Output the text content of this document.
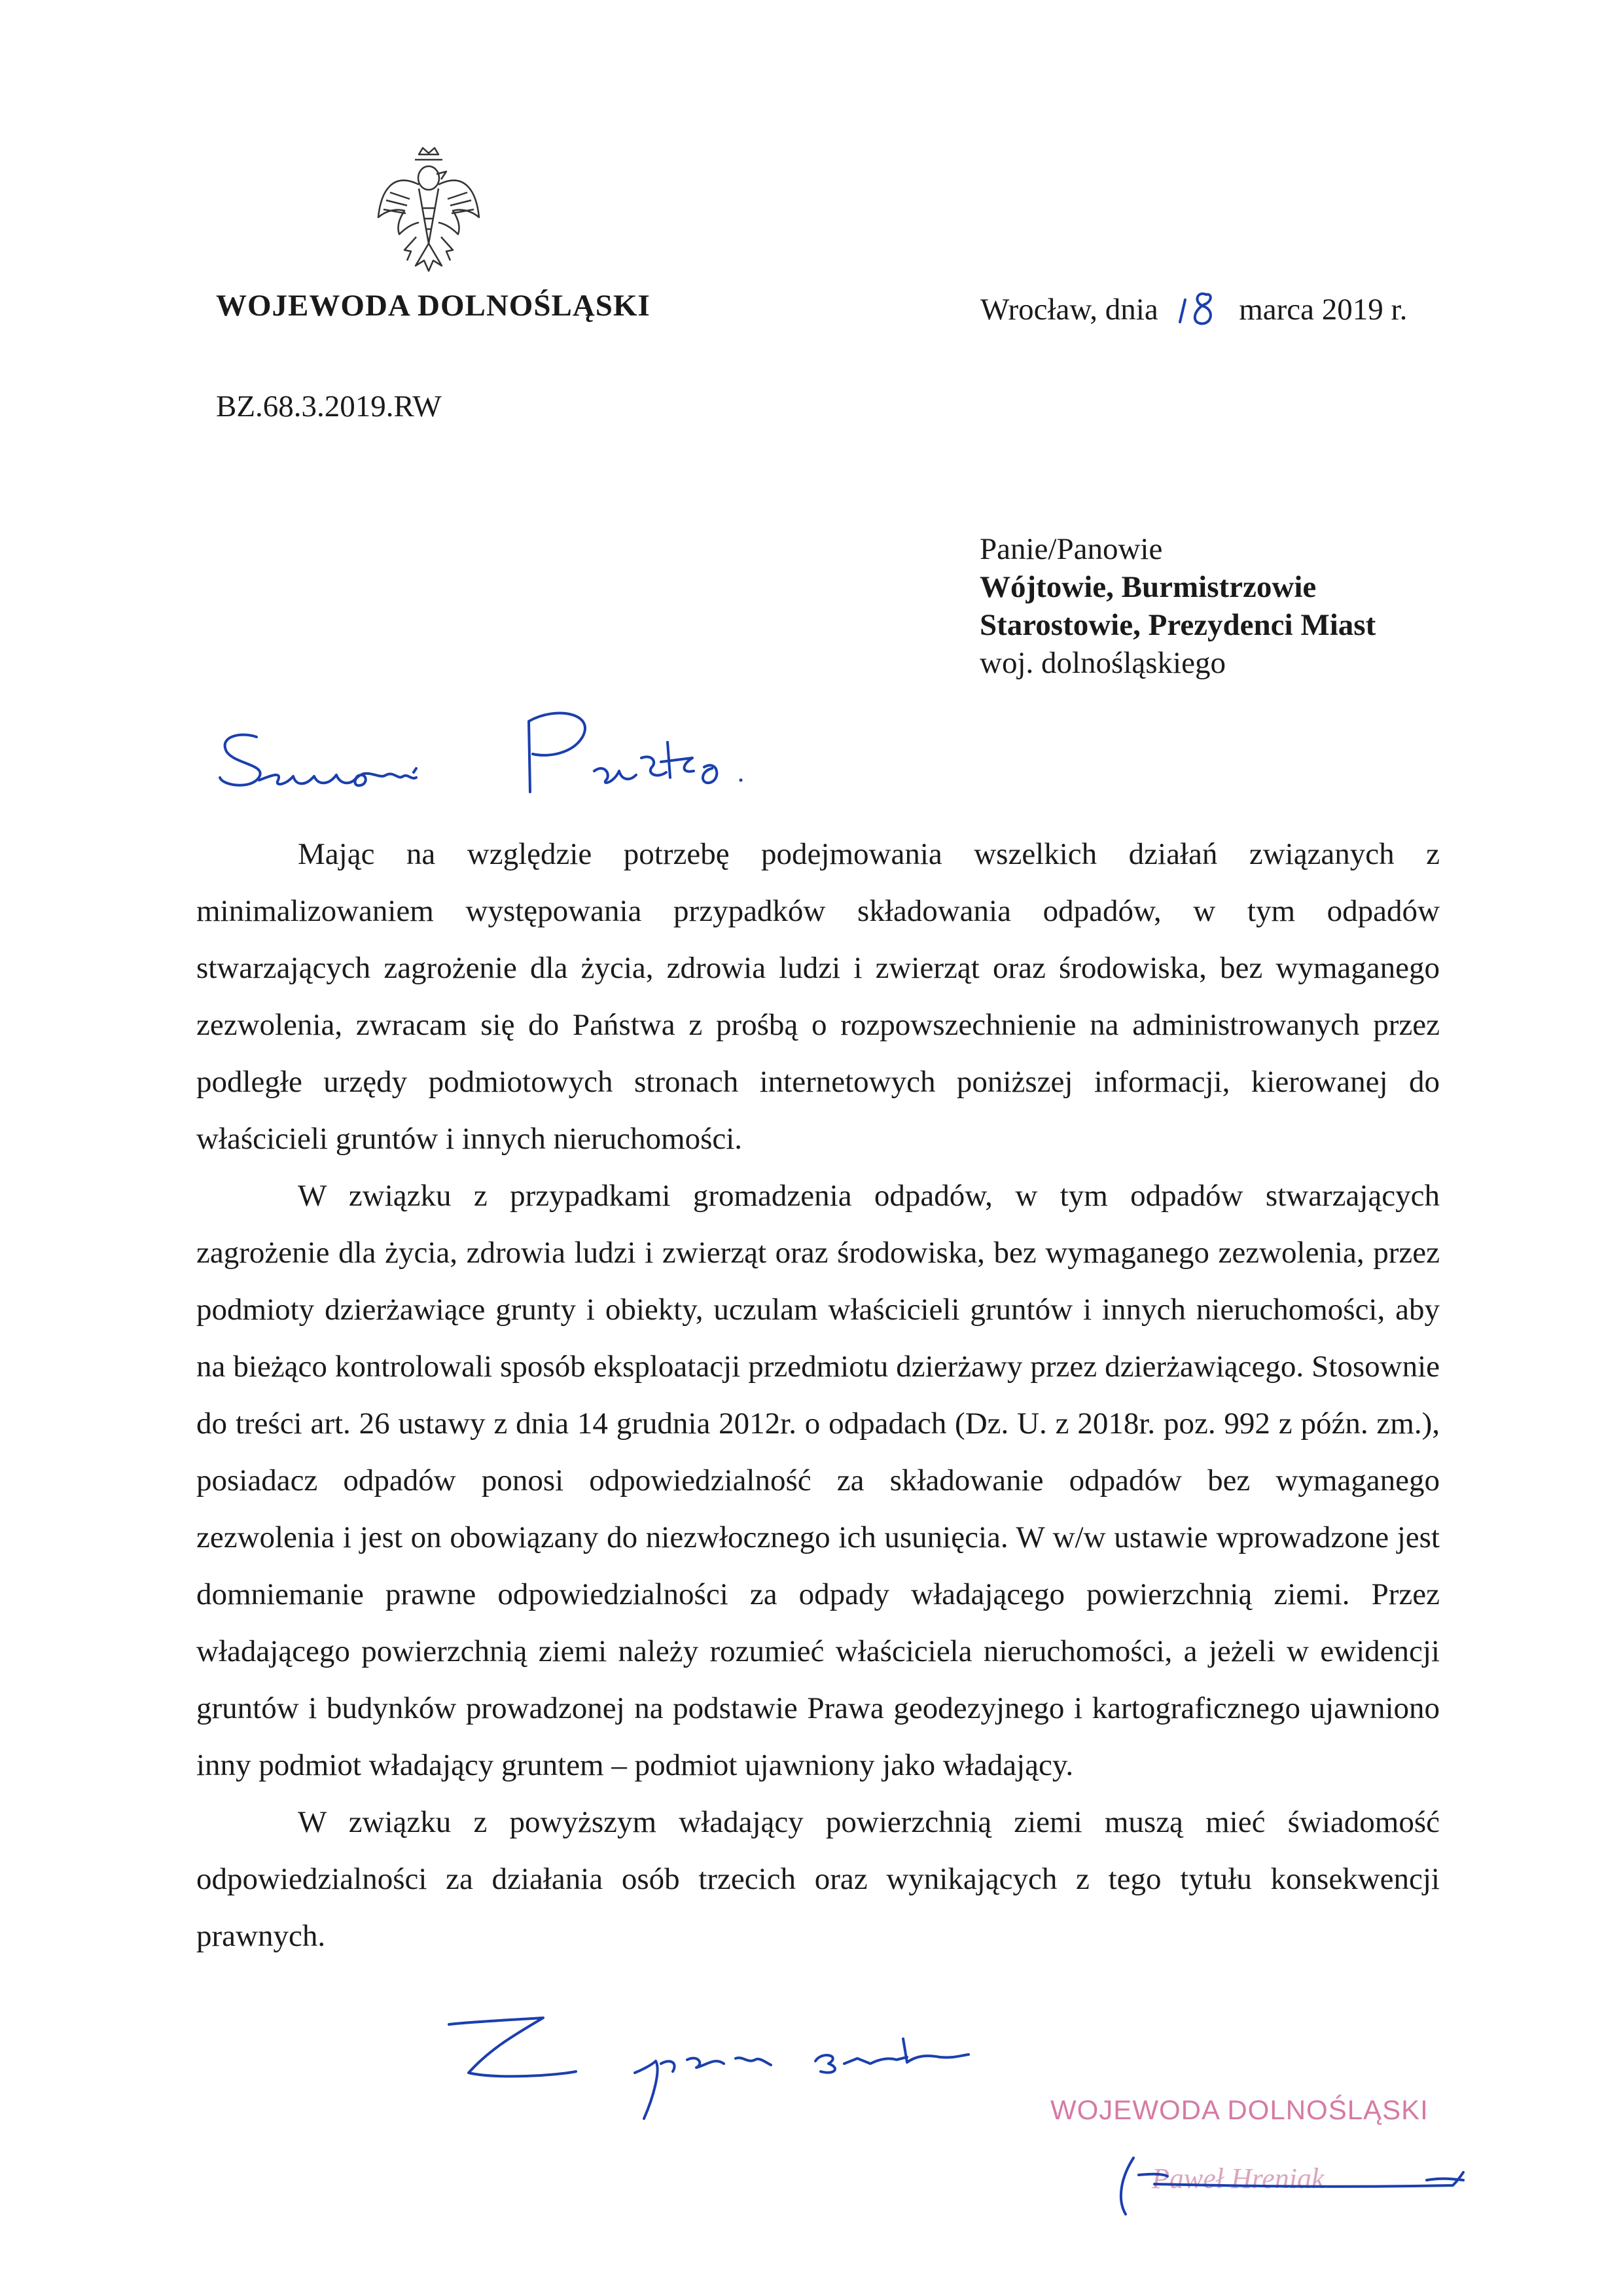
WOJEWODA DOLNOŚLĄSKI	Wrocław, dnia	marca 2019 r.
BZ.68.3.2019.RW
Panie/Panowie
Wójtowie, Burmistrzowie
Starostowie, Prezydenci Miast
woj. dolnośląskiego

Mając na względzie potrzebę podejmowania wszelkich działań związanych z minimalizowaniem występowania przypadków składowania odpadów, w tym odpadów stwarzających zagrożenie dla życia, zdrowia ludzi i zwierząt oraz środowiska, bez wymaganego zezwolenia, zwracam się do Państwa z prośbą o rozpowszechnienie na administrowanych przez podległe urzędy podmiotowych stronach internetowych poniższej informacji, kierowanej do właścicieli gruntów i innych nieruchomości.

W związku z przypadkami gromadzenia odpadów, w tym odpadów stwarzających zagrożenie dla życia, zdrowia ludzi i zwierząt oraz środowiska, bez wymaganego zezwolenia, przez podmioty dzierżawiące grunty i obiekty, uczulam właścicieli gruntów i innych nieruchomości, aby na bieżąco kontrolowali sposób eksploatacji przedmiotu dzierżawy przez dzierżawiącego. Stosownie do treści art. 26 ustawy z dnia 14 grudnia 2012r. o odpadach (Dz. U. z 2018r. poz. 992 z późn. zm.), posiadacz odpadów ponosi odpowiedzialność za składowanie odpadów bez wymaganego zezwolenia i jest on obowiązany do niezwłocznego ich usunięcia. W w/w ustawie wprowadzone jest domniemanie prawne odpowiedzialności za odpady władającego powierzchnią ziemi. Przez władającego powierzchnią ziemi należy rozumieć właściciela nieruchomości, a jeżeli w ewidencji gruntów i budynków prowadzonej na podstawie Prawa geodezyjnego i kartograficznego ujawniono inny podmiot władający gruntem – podmiot ujawniony jako władający.

W związku z powyższym władający powierzchnią ziemi muszą mieć świadomość odpowiedzialności za działania osób trzecich oraz wynikających z tego tytułu konsekwencji prawnych.

WOJEWODA DOLNOŚLĄSKI
Paweł Hreniak
